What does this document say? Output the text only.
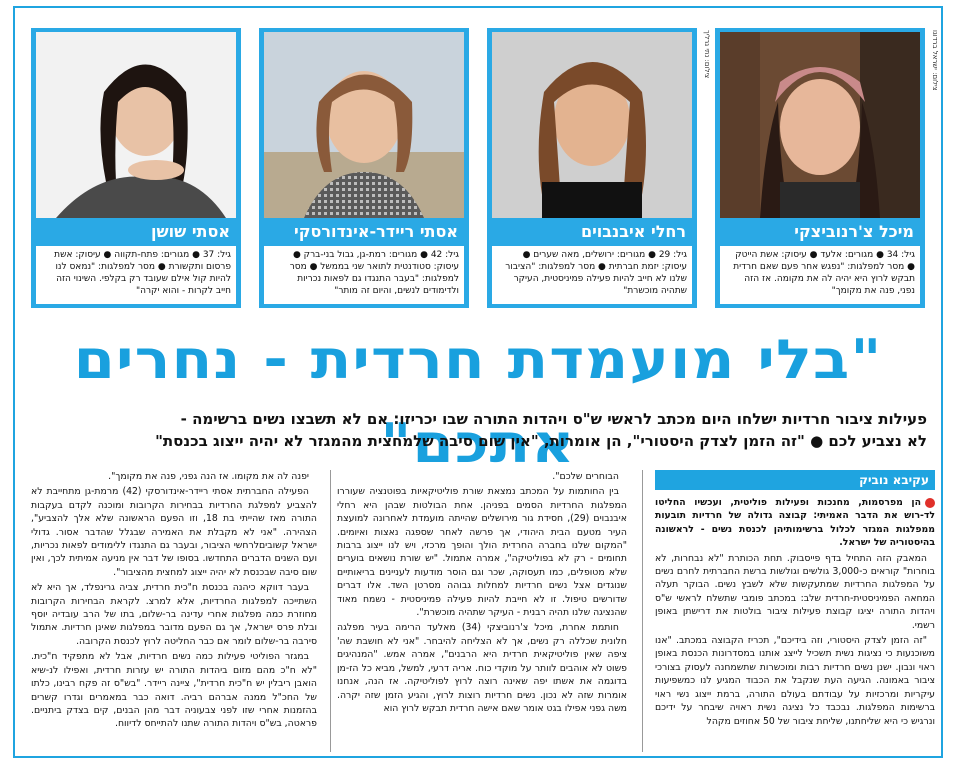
מיכל צ'רנוביצקי
גיל: 34 ● מגורים: אלעד ● עיסוק: אשת הייטק ● מסר למפלגות: "נפגש אחר פעם שאם חרדית תבקש לרוץ היא יהיה לה את מקומה. אז הזה נפני, פנה את מקומך"
צילום: ישראל ברדוגו
רחלי איבנבוים
גיל: 29 ● מגורים: ירושלים, מאה שערים ● עיסוק: יזמת חברתית ● מסר למפלגות: "הציבור שלנו לא חייב להיות פעילה פמיניסטית, העיקר שתהיה מוכשרת"
צילום: נתי גרליך
אסתי ריידר-אינדורסקי
גיל: 42 ● מגורים: רמת-גן, גבול בני-ברק ● עיסוק: סטודנטית לתואר שני בממשל ● מסר למפלגות: "בעבר התנגדו גם לפאות נכריות ולדימודים לנשים, והיום זה מותר"
אסתי שושן
גיל: 37 ● מגורים: פתח-תקווה ● עיסוק: אשת פרסום ותקשורת ● מסר למפלגות: "נמאס לנו להיות קול אילם שעובד רק בקלפי. השינוי הזה חייב לקרות - והוא יקרה"
"בלי מועמדת חרדית - נחרים אתכם"
פעילות ציבור חרדיות ישלחו היום מכתב לראשי ש"ס ויהדות התורה שבו יכריזו: אם לא תשבצו נשים ברשימה -
לא נצביע לכם ● "זה הזמן לצדק היסטורי", הן אומרות, "אין שום סיבה שלמחצית מהמגזר לא יהיה ייצוג בכנסת"
עקיבא נוביק

הן מפרסמות, מחנכות ופעילות פוליטית, ועכשיו החליטו לד-רוש את הדבר האמיתי: קבוצה גדולה של חרדיות תובעות ממפלגות המגזר לכלול ברשימותיהן לכנסת נשים - לראשונה בהיסטוריה של ישראל.

המאבק הזה התחיל בדף פייסבוק. תחת הכותרת "לא נבחרות, לא בוחרות" קוראים כ-3,000 גולשים וגולשות ברשת החברתית לחרם נשים על המפלגות החרדיות שמתעקשות שלא לשבץ נשים. הבוקר תעלה המחאה הפמיניסטית-חרדית שלב: במכתב פומבי שתשלח לראשי ש"ס ויהדות התורה יציגו קבוצת פעילות ציבור בולטות את דרישתן באופן רשמי.

"זה הזמן לצדק היסטורי, וזה בידיכם", תכריז הקבוצה במכתב. "אנו משוכנעות כי נציגות נשית תשכיל לייצג אותנו במסדרונות הכנסת באופן ראוי ונבון. ישנן נשים חרדיות רבות ומוכשרות שתשמחנה לעסוק בצורכי ציבור באמונה. הגיעה העת שנקבל את הכבוד המגיע לנו כמשפיעות עיקריות ומרכזיות על עבודתם בעולם התורה, ברמת ייצוג נשי ראוי ברשימות המפלגות. נבכבד כל נציגה נשית ראויה שיבחר על ידיכם ונרגיש כי היא שליחתנו, שליחת ציבור של 50 אחוזים מקהל

הבוחרים שלכם".

בין החותמות על המכתב נמצאת שורת פוליטיקאיות בפוטנציה שעוררו המפלגות החרדיות הסמים בפניהן. אחת הבולטות שבהן היא רחלי איבנבוים (29), חסידת גור מירושלים שהייתה מועמדת לאחרונה למועצת העיר מטעם הבית היהודי, אך פרשה לאחר שספגה נאצות ואיומים. "המקום שלנו בחברה החרדית הולך והופך מרכזי, ויש לנו ייצוג ברבות תחומים - רק לא בפוליטיקה", אמרה אתמול. "יש שורת נושאים בוערים שלא מטופלים, כמו תעסוקה, שכר וגם הוסר מודעות לעניינים בריאותיים שנוגדים אצל נשים חרדיות למחלות גבוהה מסרטן השד. אלו דברים שדורשים טיפול. זו לא חייבת להיות פעילה פמיניסטית - נשמח מאוד שהנציגה שלנו תהיה רבנית - העיקר שתהיה מוכשרת".

חותמת אחרת, מיכל צ'רנוביצקי (34) מאלעד הרימה בעיר מפלגה חלונית שכללה רק נשים, אך לא הצליחה להיבחר. "אני לא חושבת שה' ציפה שאין פוליטיקאית חרדית היא הרבנים", אמרה אמש. "המנהיגים פשוט לא אוהבים לוותר על מוקדי כוח. אריה דרעי, למשל, מביא כל הז-מן בדוגמה את אשתו יפה שאינה רוצה לרוץ לפוליטיקה. אז הנה, אנחנו אומרות שזה לא נכון. נשים חרדיות רוצות לרוץ, והגיע הזמן שזה יקרה. משה גפני אפילו בגט אומר שאם אישה חרדית תבקש לרוץ הוא

יפנה לה את מקומו. אז הנה גפני, פנה את מקומך".

הפעילה החברתית אסתי ריידר-אינדורסקי (42) מרמת-גן מתחייבת לא להצביע למפלגת החרדיות בבחירות הקרובות ומוכנה לקדם בעקבות התורה מאז שהייתי בת 18, וזו הפעם הראשונה שלא אלך להצביע", הצהירה. "אני לא מקבלת את האמירה שבגלל שהדבר אסור. גדולי ישראל קשוביםלרחשי הציבור, ובעבר גם התנגדו ללימודים לפאות נכריות, ועם השנים הדברים התחדשו. בסופו של דבר אין מניעה אמיתית לכך, ואין שום סיבה שבכנסת לא יהיה ייצוג למחצית מהציבור".

בעבר דווקא כיהנה בכנסת ח"כית חרדית, צביה גרינפלד, אך היא לא השתייכה למפלגות החרדיות, אלא למרצ. לקראת הבחירות הקרובות מחוזרת כמה מפלגות אחרי עדינה בר-שלום, בתו של הרב עובדיה יוסף ובלת פרס ישראל, אך גם הפעם מדובר במפלגות שאינן חרדיות. אתמול סירבה בר-שלום לומר אם כבר החליטה לרוץ לכנסת הקרובה.

במגזר הפוליטי פעילות כמה נשים חרדיות, אבל לא מתפקיד ח"כית. "לא ח"כ מהם מזום ביהדות התורה יש עזרות חרדית, ואפילו לנ-שיא הואבן ריבלין יש ח"כית חרדית", ציינה ריידר. "בש"ס זה פקח רבינו, כלתו של החכ"ל ממנה אברהם רביה. דואה כבר במאמרים וגדרו קשרים בהזמנות אחרי שזו לפני צבעוניה דבר מהן הבנים, קים בצדק ביתניים. פראטה, בש"ס ויהדות התורה שתנו להתייחס לדיווח.
